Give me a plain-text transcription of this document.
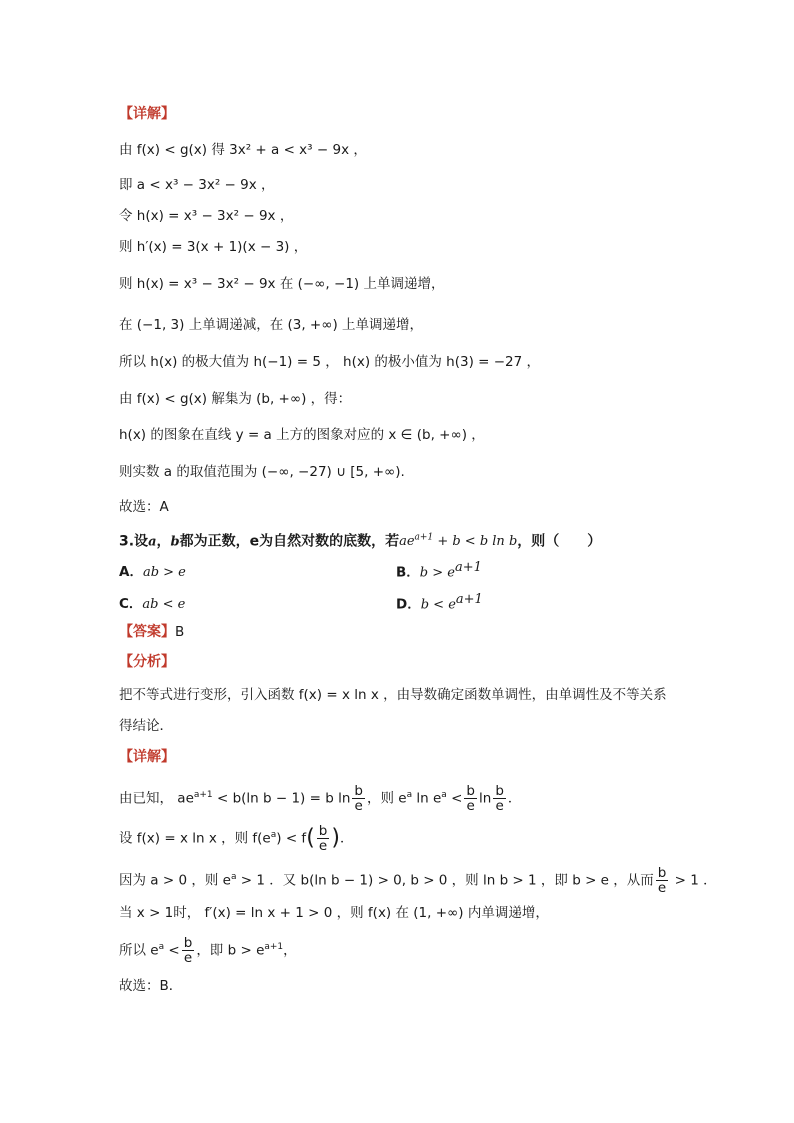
【详解】
由 f(x) < g(x) 得 3x² + a < x³ − 9x ，
即 a < x³ − 3x² − 9x ，
令 h(x) = x³ − 3x² − 9x ，
则 h′(x) = 3(x + 1)(x − 3) ，
则 h(x) = x³ − 3x² − 9x 在 (−∞, −1) 上单调递增，
在 (−1, 3) 上单调递减，在 (3, +∞) 上单调递增，
所以 h(x) 的极大值为 h(−1) = 5 ， h(x) 的极小值为 h(3) = −27 ，
由 f(x) < g(x) 解集为 (b, +∞) ，得：
h(x) 的图象在直线 y = a 上方的图象对应的 x ∈ (b, +∞) ，
则实数 a 的取值范围为 (−∞, −27) ∪ [5, +∞).
故选：A
3.设a，b都为正数，e为自然对数的底数，若$ae^{a+1} + b < b$ ln b，则（　　）
A．ab > e	B．$b > e^{a+1}$
C．ab < e	D．$b < e^{a+1}$
【答案】B
【分析】
把不等式进行变形，引入函数 f(x) = x ln x ，由导数确定函数单调性，由单调性及不等关系
得结论．
【详解】
由已知， $ae^{a+1} < b(\ln$ b − 1) = b $\ln \frac{b}{e}$ ，则 $e^a$ $\ln e^a < \frac{b}{e}$ $\ln \frac{b}{e}$ ．
设 f(x) = x ln x ，则 $f(e^a) < f( \frac{b}{e}$ )．
因为 a > 0 ，则 $e^a > 1$ ．又 b(ln b − 1) > 0, b > 0 ，则 ln b > 1 ，即 b > e ，从而 $\frac{b}{e} > 1$ ．
当 x > 1时， f′(x) = ln x + 1 > 0 ，则 f(x) 在 (1, +∞) 内单调递增，
所以 $e^a < \frac{b}{e}$ ，即 $b > e^{a+1}$，
故选：B．
